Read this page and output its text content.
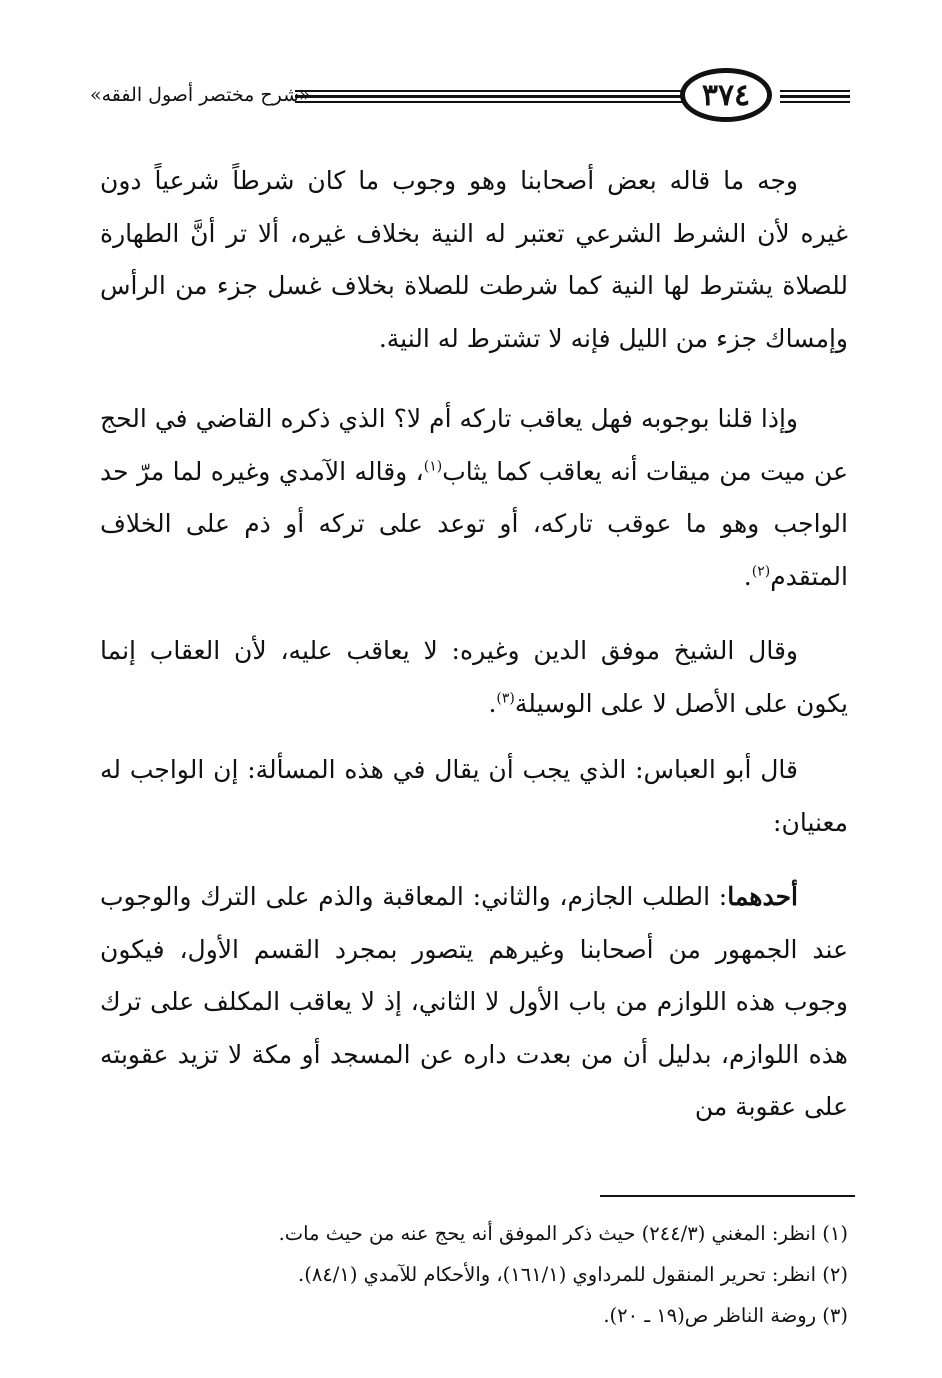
٣٧٤
«شرح مختصر أصول الفقه»

وجه ما قاله بعض أصحابنا وهو وجوب ما كان شرطاً شرعياً دون غيره لأن الشرط الشرعي تعتبر له النية بخلاف غيره، ألا تر أنَّ الطهارة للصلاة يشترط لها النية كما شرطت للصلاة بخلاف غسل جزء من الرأس وإمساك جزء من الليل فإنه لا تشترط له النية.

وإذا قلنا بوجوبه فهل يعاقب تاركه أم لا؟ الذي ذكره القاضي في الحج عن ميت من ميقات أنه يعاقب كما يثاب$^{(١)}$، وقاله الآمدي وغيره لما مرّ حد الواجب وهو ما عوقب تاركه، أو توعد على تركه أو ذم على الخلاف المتقدم$^{(٢)}$.

وقال الشيخ موفق الدين وغيره: لا يعاقب عليه، لأن العقاب إنما يكون على الأصل لا على الوسيلة$^{(٣)}$.

قال أبو العباس: الذي يجب أن يقال في هذه المسألة: إن الواجب له معنيان:

أحدهما: الطلب الجازم، والثاني: المعاقبة والذم على الترك والوجوب عند الجمهور من أصحابنا وغيرهم يتصور بمجرد القسم الأول، فيكون وجوب هذه اللوازم من باب الأول لا الثاني، إذ لا يعاقب المكلف على ترك هذه اللوازم، بدليل أن من بعدت داره عن المسجد أو مكة لا تزيد عقوبته على عقوبة من

(١) انظر: المغني (٢٤٤/٣) حيث ذكر الموفق أنه يحج عنه من حيث مات.

(٢) انظر: تحرير المنقول للمرداوي (١٦١/١)، والأحكام للآمدي (٨٤/١).

(٣) روضة الناظر ص(١٩ ـ ٢٠).
